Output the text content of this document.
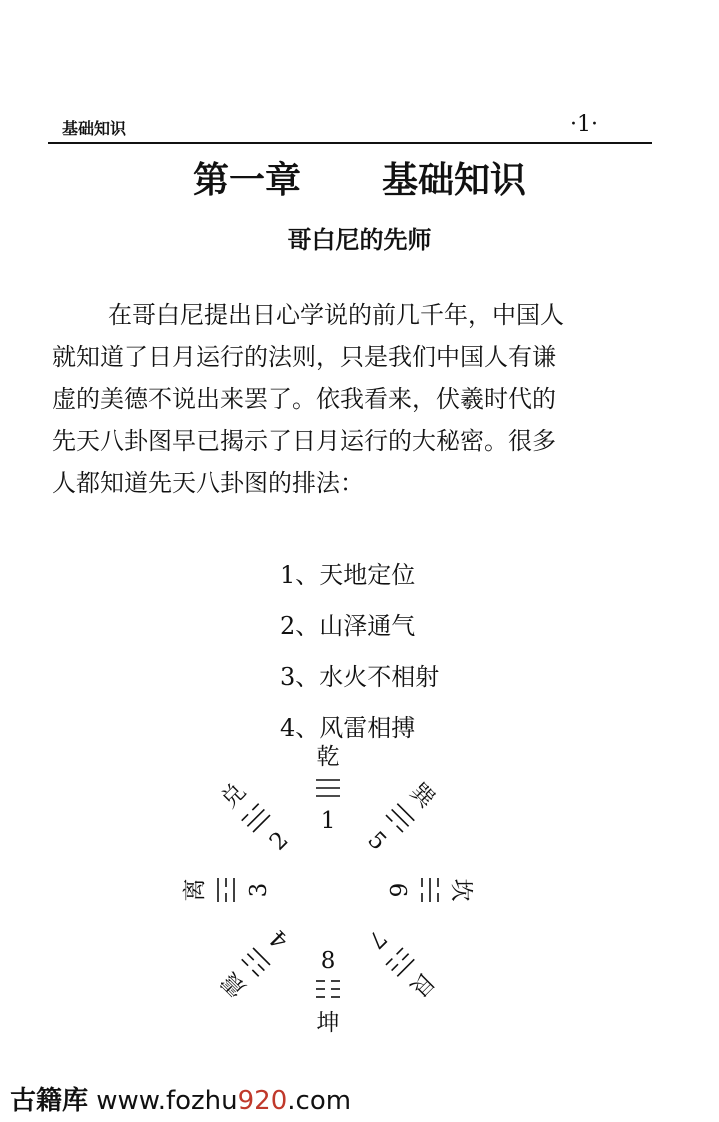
基础知识	·1·
第一章  基础知识
哥白尼的先师
在哥白尼提出日心学说的前几千年，中国人
就知道了日月运行的法则，只是我们中国人有谦
虚的美德不说出来罢了。依我看来，伏羲时代的
先天八卦图早已揭示了日月运行的大秘密。很多
人都知道先天八卦图的排法：
1、天地定位
2、山泽通气
3、水火不相射
4、风雷相搏
乾
1
兑
2
离 3
震
4
巽
5
坎
6
艮
7
8
坤
古籍库 www.fozhu920.com
